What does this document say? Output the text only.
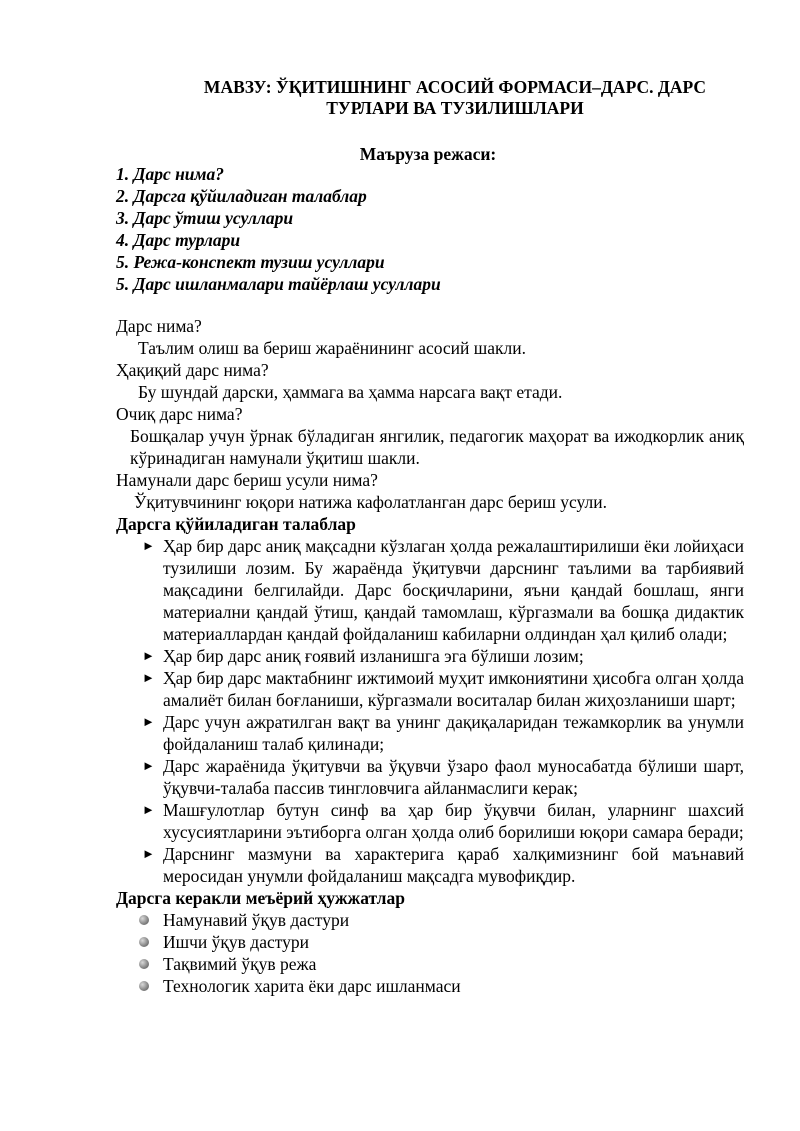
МАВЗУ: ЎҚИТИШНИНГ АСОСИЙ ФОРМАСИ–ДАРС. ДАРС
ТУРЛАРИ ВА ТУЗИЛИШЛАРИ
Маърузa режаси:
1. Дарс нима?
2. Дарсга қўйиладиган талаблар
3. Дарс ўтиш усуллари
4. Дарс турлари
5. Режа-конспект тузиш усуллари
5. Дарс ишланмалари тайёрлаш усуллари

Дарс нима?

Таълим олиш ва бериш жараёнининг асосий шакли.

Ҳақиқий дарс нима?

Бу шундай дарски, ҳаммага ва ҳамма нарсага вақт етади.

Очиқ дарс нима?

Бошқалар учун ўрнак бўладиган янгилик, педагогик маҳорат ва ижодкорлик аниқ кўринадиган намунали ўқитиш шакли.

Намунали дарс бериш усули нима?

Ўқитувчининг юқори натижа кафолатланган дарс бериш усули.

Дарсга қўйиладиган талаблар

► Ҳар бир дарс аниқ мақсадни кўзлаган ҳолда режалаштирилиши ёки лойиҳаси тузилиши лозим. Бу жараёнда ўқитувчи дарснинг таълими ва тарбиявий мақсадини белгилайди. Дарс босқичларини, яъни қандай бошлаш, янги материални қандай ўтиш, қандай тамомлаш, кўргазмали ва бошқа дидактик материаллардан қандай фойдаланиш кабиларни олдиндан ҳал қилиб олади;
► Ҳар бир дарс аниқ ғоявий изланишга эга бўлиши лозим;
► Ҳар бир дарс мактабнинг ижтимоий муҳит имкониятини ҳисобга олган ҳолда амалиёт билан боғланиши, кўргазмали воситалар билан жиҳозланиши шарт;
► Дарс учун ажратилган вақт ва унинг дақиқаларидан тежамкорлик ва унумли фойдаланиш талаб қилинади;
► Дарс жараёнида ўқитувчи ва ўқувчи ўзаро фаол муносабатда бўлиши шарт, ўқувчи-талаба пассив тингловчига айланмаслиги керак;
► Машғулотлар бутун синф ва ҳар бир ўқувчи билан, уларнинг шахсий хусусиятларини эътиборга олган ҳолда олиб борилиши юқори самара беради;
► Дарснинг мазмуни ва характерига қараб халқимизнинг бой маънавий меросидан унумли фойдаланиш мақсадга мувофиқдир.

Дарсга керакли меъёрий ҳужжатлар

Намунавий ўқув дастури
Ишчи ўқув дастури
Тақвимий ўқув режа
Технологик харита ёки дарс ишланмаси
